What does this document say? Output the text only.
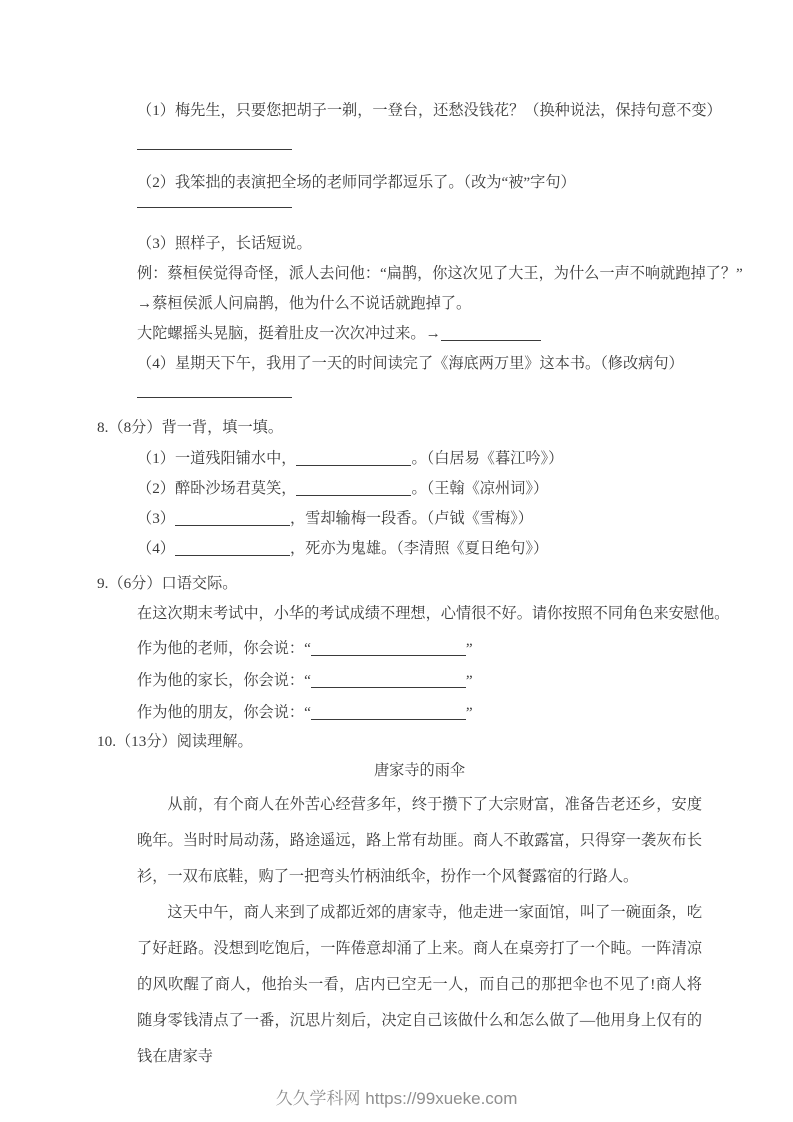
（1）梅先生，只要您把胡子一剃，一登台，还愁没钱花？（换种说法，保持句意不变）
（2）我笨拙的表演把全场的老师同学都逗乐了。（改为“被”字句）
（3）照样子，长话短说。
例：蔡桓侯觉得奇怪，派人去问他：“扁鹊，你这次见了大王，为什么一声不响就跑掉了？”
→蔡桓侯派人问扁鹊，他为什么不说话就跑掉了。
大陀螺摇头晃脑，挺着肚皮一次次冲过来。→
（4）星期天下午，我用了一天的时间读完了《海底两万里》这本书。（修改病句）
8.（8分）背一背，填一填。
（1）一道残阳铺水中，	。（白居易《暮江吟》）
（2）醉卧沙场君莫笑，	。（王翰《凉州词》）
（3）	，雪却输梅一段香。（卢钺《雪梅》）
（4）	，死亦为鬼雄。（李清照《夏日绝句》）
9.（6分）口语交际。
在这次期末考试中，小华的考试成绩不理想，心情很不好。请你按照不同角色来安慰他。
作为他的老师，你会说：“	”
作为他的家长，你会说：“	”
作为他的朋友，你会说：“	”
10.（13分）阅读理解。
唐家寺的雨伞

从前，有个商人在外苦心经营多年，终于攒下了大宗财富，准备告老还乡，安度晚年。当时时局动荡，路途遥远，路上常有劫匪。商人不敢露富，只得穿一袭灰布长衫，一双布底鞋，购了一把弯头竹柄油纸伞，扮作一个风餐露宿的行路人。

这天中午，商人来到了成都近郊的唐家寺，他走进一家面馆，叫了一碗面条，吃了好赶路。没想到吃饱后，一阵倦意却涌了上来。商人在桌旁打了一个盹。一阵清凉的风吹醒了商人，他抬头一看，店内已空无一人，而自己的那把伞也不见了!商人将随身零钱清点了一番，沉思片刻后，决定自己该做什么和怎么做了—他用身上仅有的钱在唐家寺

久久学科网 https://99xueke.com
